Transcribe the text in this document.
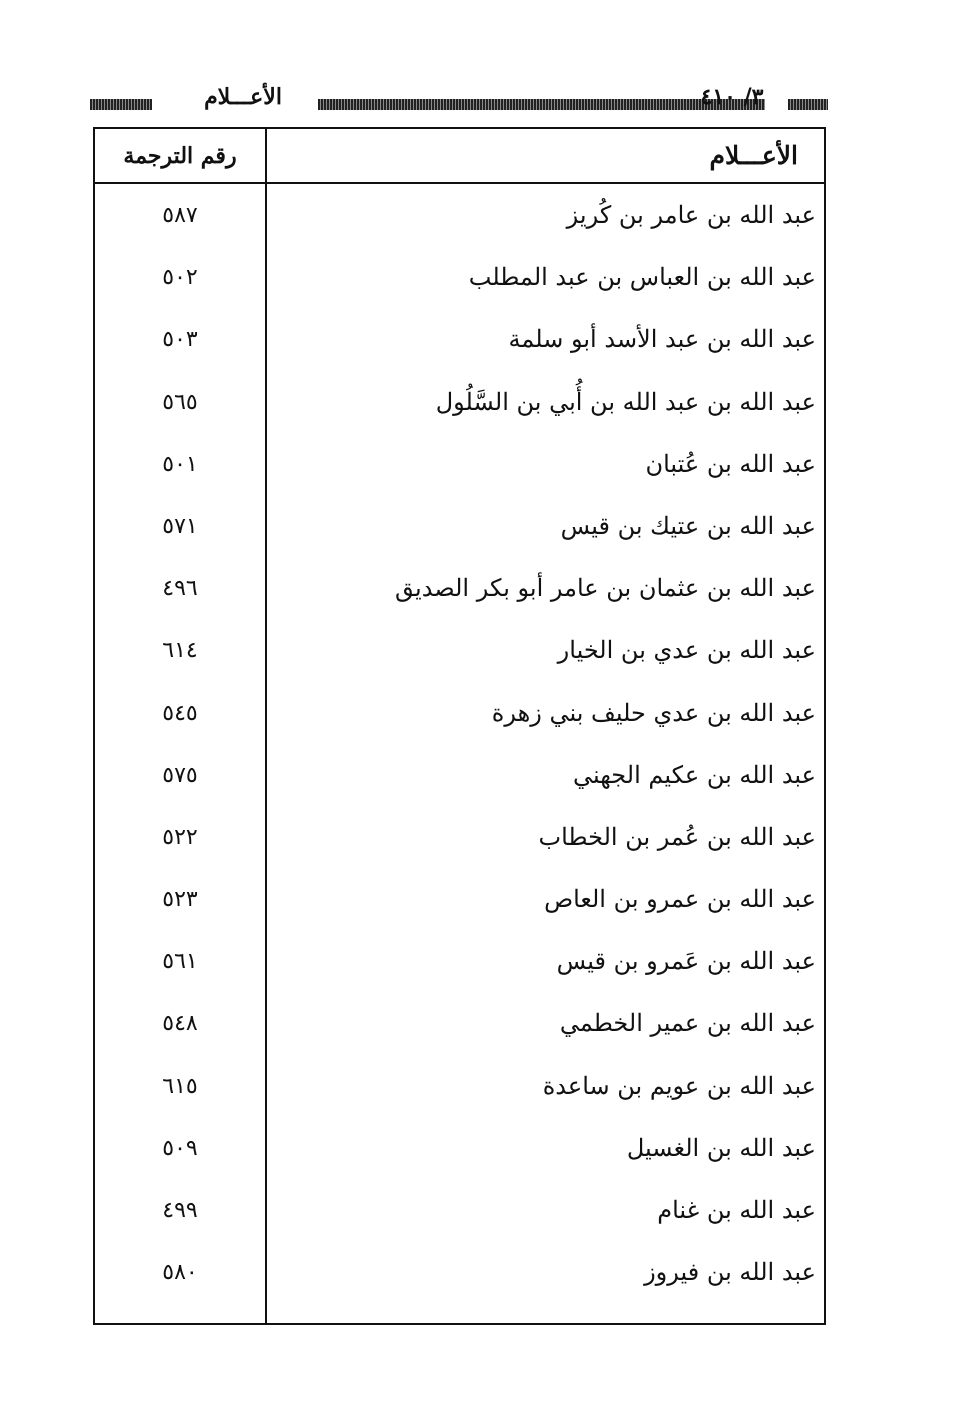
الأعـــلام	٣/ ٤١٠
الأعـــلام
رقم الترجمة
عبد الله بن عامر بن كُريز
٥٨٧
عبد الله بن العباس بن عبد المطلب
٥٠٢
عبد الله بن عبد الأسد أبو سلمة
٥٠٣
عبد الله بن عبد الله بن أُبي بن السَّلُول
٥٦٥
عبد الله بن عُتبان
٥٠١
عبد الله بن عتيك بن قيس
٥٧١
عبد الله بن عثمان بن عامر أبو بكر الصديق
٤٩٦
عبد الله بن عدي بن الخيار
٦١٤
عبد الله بن عدي حليف بني زهرة
٥٤٥
عبد الله بن عكيم الجهني
٥٧٥
عبد الله بن عُمر بن الخطاب
٥٢٢
عبد الله بن عمرو بن العاص
٥٢٣
عبد الله بن عَمرو بن قيس
٥٦١
عبد الله بن عمير الخطمي
٥٤٨
عبد الله بن عويم بن ساعدة
٦١٥
عبد الله بن الغسيل
٥٠٩
عبد الله بن غنام
٤٩٩
عبد الله بن فيروز
٥٨٠
